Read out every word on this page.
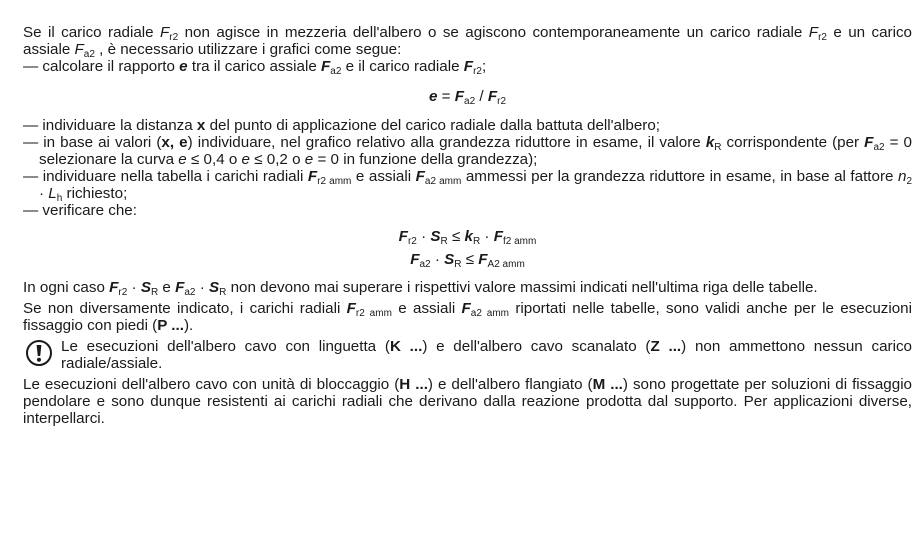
Se il carico radiale $F_{r2}$ non agisce in mezzeria dell'albero o se agiscono contemporaneamente un carico radiale $F_{r2}$ e un carico assiale $F_{a2}$ , è necessario utilizzare i grafici come segue:

— calcolare il rapporto e tra il carico assiale $F_{a2}$ e il carico radiale $F_{r2}$;

$e = F_{a2} / F_{r2}$

— individuare la distanza x del punto di applicazione del carico radiale dalla battuta dell'albero;

— in base ai valori (x, e) individuare, nel grafico relativo alla grandezza riduttore in esame, il valore $k_R$ corrispondente (per $F_{a2} = 0$ selezionare la curva e ≤ 0,4 o e ≤ 0,2 o e = 0 in funzione della grandezza);

— individuare nella tabella i carichi radiali $F_{r2 amm}$ e assiali $F_{a2 amm}$ ammessi per la grandezza riduttore in esame, in base al fattore $n_2 \cdot L_h$ richiesto;

— verificare che:

$F_{r2} \cdot S_R \le k_R \cdot F_{f2 amm}$

$F_{a2} \cdot S_R \le F_{A2 amm}$

In ogni caso $F_{r2} \cdot S_R$ e $F_{a2} \cdot S_R$ non devono mai superare i rispettivi valore massimi indicati nell'ultima riga delle tabelle.

Se non diversamente indicato, i carichi radiali $F_{r2 amm}$ e assiali $F_{a2 amm}$ riportati nelle tabelle, sono validi anche per le esecuzioni fissaggio con piedi (P ...).

Le esecuzioni dell'albero cavo con linguetta (K ...) e dell'albero cavo scanalato (Z ...) non ammettono nessun carico radiale/assiale.

Le esecuzioni dell'albero cavo con unità di bloccaggio (H ...) e dell'albero flangiato (M ...) sono progettate per soluzioni di fissaggio pendolare e sono dunque resistenti ai carichi radiali che derivano dalla reazione prodotta dal supporto. Per applicazioni diverse, interpellarci.
